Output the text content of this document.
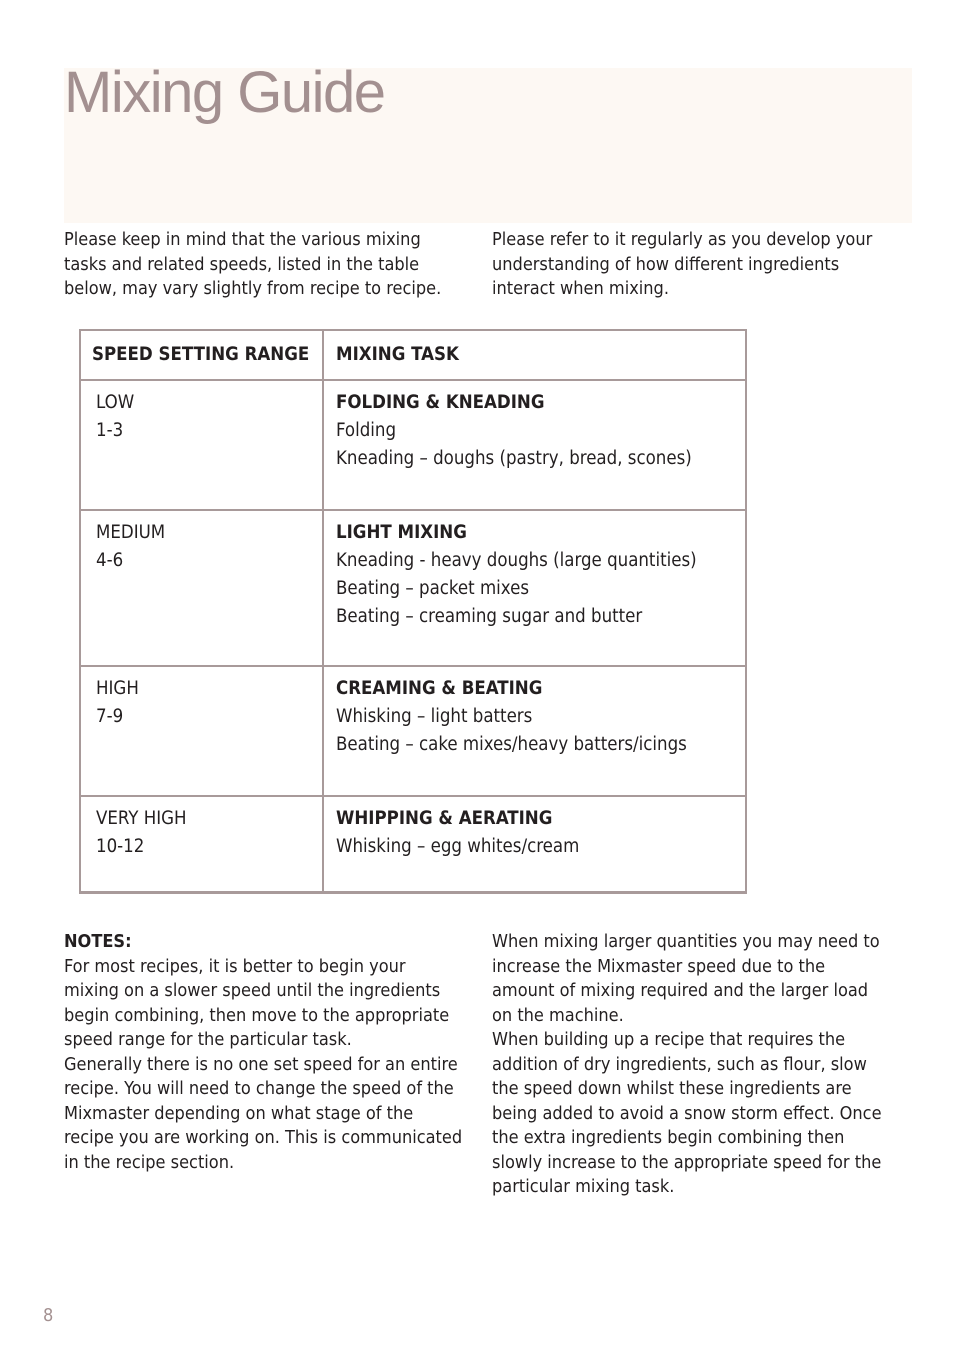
Mixing Guide

Please keep in mind that the various mixing tasks and related speeds, listed in the table below, may vary slightly from recipe to recipe.

Please refer to it regularly as you develop your understanding of how different ingredients interact when mixing.

SPEED SETTING RANGE	MIXING TASK

LOW
1-3	FOLDING & KNEADING
Folding
Kneading – doughs (pastry, bread, scones)

MEDIUM
4-6	LIGHT MIXING
Kneading - heavy doughs (large quantities)
Beating – packet mixes
Beating – creaming sugar and butter

HIGH
7-9	CREAMING & BEATING
Whisking – light batters
Beating – cake mixes/heavy batters/icings

VERY HIGH
10-12	WHIPPING & AERATING
Whisking – egg whites/cream
NOTES:

For most recipes, it is better to begin your mixing on a slower speed until the ingredients begin combining, then move to the appropriate speed range for the particular task.

Generally there is no one set speed for an entire recipe. You will need to change the speed of the Mixmaster depending on what stage of the recipe you are working on. This is communicated in the recipe section.

When mixing larger quantities you may need to increase the Mixmaster speed due to the amount of mixing required and the larger load on the machine.

When building up a recipe that requires the addition of dry ingredients, such as flour, slow the speed down whilst these ingredients are being added to avoid a snow storm effect. Once the extra ingredients begin combining then slowly increase to the appropriate speed for the particular mixing task.

8
